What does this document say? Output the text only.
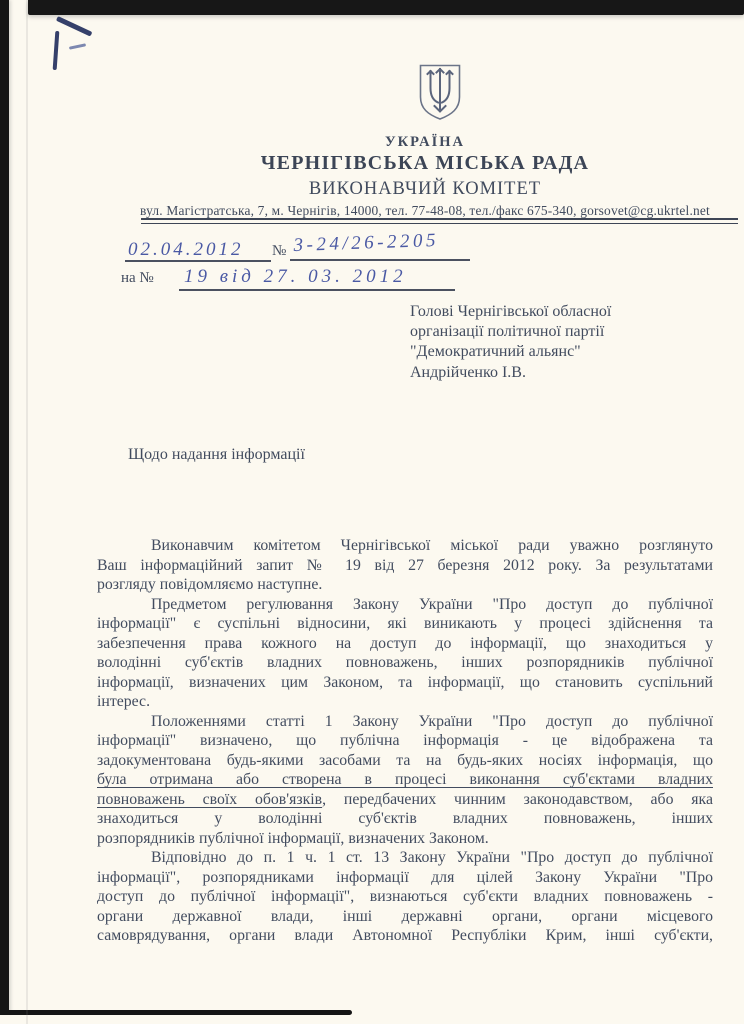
УКРАЇНА
ЧЕРНІГІВСЬКА МІСЬКА РАДА
ВИКОНАВЧИЙ КОМІТЕТ
вул. Магістратська, 7, м. Чернігів, 14000, тел. 77-48-08, тел./факс 675-340, gorsovet@cg.ukrtel.net
02.04.2012 № 3-24/26-2205
на № 19 від 27. 03. 2012
Голові Чернігівської обласної
організації політичної партії
"Демократичний альянс"
Андрійченко І.В.
Щодо надання інформації
Виконавчим комітетом Чернігівської міської ради уважно розглянуто
Ваш інформаційний запит № 19 від 27 березня 2012 року. За результатами
розгляду повідомляємо наступне.
Предметом регулювання Закону України "Про доступ до публічної
інформації" є суспільні відносини, які виникають у процесі здійснення та
забезпечення права кожного на доступ до інформації, що знаходиться у
володінні суб'єктів владних повноважень, інших розпорядників публічної
інформації, визначених цим Законом, та інформації, що становить суспільний
інтерес.
Положеннями статті 1 Закону України "Про доступ до публічної
інформації" визначено, що публічна інформація - це відображена та
задокументована будь-якими засобами та на будь-яких носіях інформація, що
була отримана або створена в процесі виконання суб'єктами владних
повноважень своїх обов'язків, передбачених чинним законодавством, або яка
знаходиться у володінні суб'єктів владних повноважень, інших
розпорядників публічної інформації, визначених Законом.
Відповідно до п. 1 ч. 1 ст. 13 Закону України "Про доступ до публічної
інформації", розпорядниками інформації для цілей Закону України "Про
доступ до публічної інформації", визнаються суб'єкти владних повноважень -
органи державної влади, інші державні органи, органи місцевого
самоврядування, органи влади Автономної Республіки Крим, інші суб'єкти,
